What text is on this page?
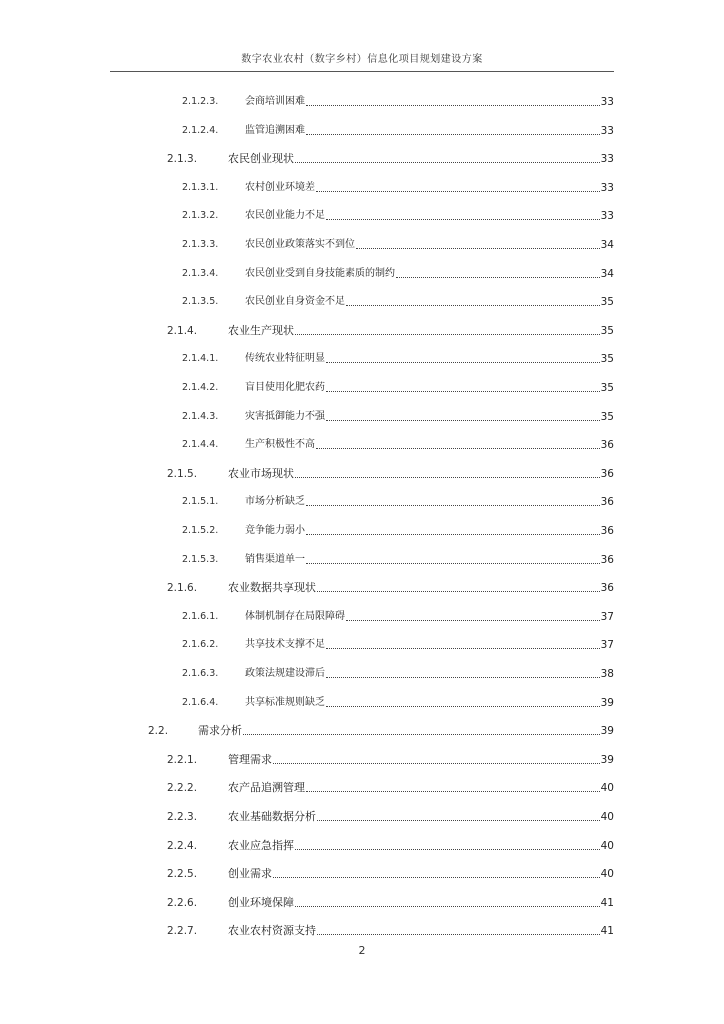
数字农业农村（数字乡村）信息化项目规划建设方案
2.1.2.3.	会商培训困难	33
2.1.2.4.	监管追溯困难	33
2.1.3.	农民创业现状	33
2.1.3.1.	农村创业环境差	33
2.1.3.2.	农民创业能力不足	33
2.1.3.3.	农民创业政策落实不到位	34
2.1.3.4.	农民创业受到自身技能素质的制约	34
2.1.3.5.	农民创业自身资金不足	35
2.1.4.	农业生产现状	35
2.1.4.1.	传统农业特征明显	35
2.1.4.2.	盲目使用化肥农药	35
2.1.4.3.	灾害抵御能力不强	35
2.1.4.4.	生产积极性不高	36
2.1.5.	农业市场现状	36
2.1.5.1.	市场分析缺乏	36
2.1.5.2.	竞争能力弱小	36
2.1.5.3.	销售渠道单一	36
2.1.6.	农业数据共享现状	36
2.1.6.1.	体制机制存在局限障碍	37
2.1.6.2.	共享技术支撑不足	37
2.1.6.3.	政策法规建设滞后	38
2.1.6.4.	共享标准规则缺乏	39
2.2.	需求分析	39
2.2.1.	管理需求	39
2.2.2.	农产品追溯管理	40
2.2.3.	农业基础数据分析	40
2.2.4.	农业应急指挥	40
2.2.5.	创业需求	40
2.2.6.	创业环境保障	41
2.2.7.	农业农村资源支持	41
2
